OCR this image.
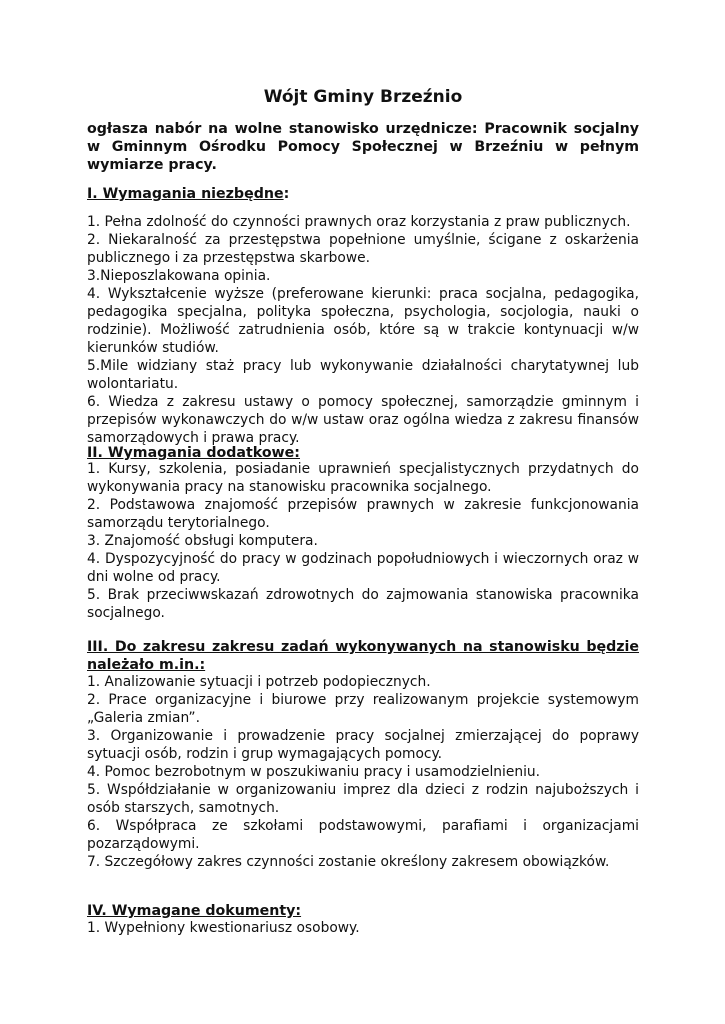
Wójt Gminy Brzeźnio
ogłasza nabór na wolne stanowisko urzędnicze: Pracownik socjalny w Gminnym Ośrodku Pomocy Społecznej w Brzeźniu w pełnym wymiarze pracy.
I. Wymagania niezbędne:
1. Pełna zdolność do czynności prawnych oraz korzystania z praw publicznych.
2. Niekaralność za przestępstwa popełnione umyślnie, ścigane z oskarżenia publicznego i za przestępstwa skarbowe.
3.Nieposzlakowana opinia.
4. Wykształcenie wyższe (preferowane kierunki: praca socjalna, pedagogika, pedagogika specjalna, polityka społeczna, psychologia, socjologia, nauki o rodzinie). Możliwość zatrudnienia osób, które są w trakcie kontynuacji w/w kierunków studiów.
5.Mile widziany staż pracy lub wykonywanie działalności charytatywnej lub wolontariatu.
6. Wiedza z zakresu ustawy o pomocy społecznej, samorządzie gminnym i przepisów wykonawczych do w/w ustaw oraz ogólna wiedza z zakresu finansów samorządowych i prawa pracy.
II. Wymagania dodatkowe:
1. Kursy, szkolenia, posiadanie uprawnień specjalistycznych przydatnych do wykonywania pracy na stanowisku pracownika socjalnego.
2. Podstawowa znajomość przepisów prawnych w zakresie funkcjonowania samorządu terytorialnego.
3. Znajomość obsługi komputera.
4. Dyspozycyjność do pracy w godzinach popołudniowych i wieczornych oraz w dni wolne od pracy.
5. Brak przeciwwskazań zdrowotnych do zajmowania stanowiska pracownika socjalnego.
III. Do zakresu zakresu zadań wykonywanych na stanowisku będzie należało m.in.:
1. Analizowanie sytuacji i potrzeb podopiecznych.
2. Prace organizacyjne i biurowe przy realizowanym projekcie systemowym „Galeria zmian”.
3. Organizowanie i prowadzenie pracy socjalnej zmierzającej do poprawy sytuacji osób, rodzin i grup wymagających pomocy.
4. Pomoc bezrobotnym w poszukiwaniu pracy i usamodzielnieniu.
5. Współdziałanie w organizowaniu imprez dla dzieci z rodzin najuboższych i osób starszych, samotnych.
6. Współpraca ze szkołami podstawowymi, parafiami i organizacjami pozarządowymi.
7. Szczegółowy zakres czynności zostanie określony zakresem obowiązków.
IV. Wymagane dokumenty:
1. Wypełniony kwestionariusz osobowy.
